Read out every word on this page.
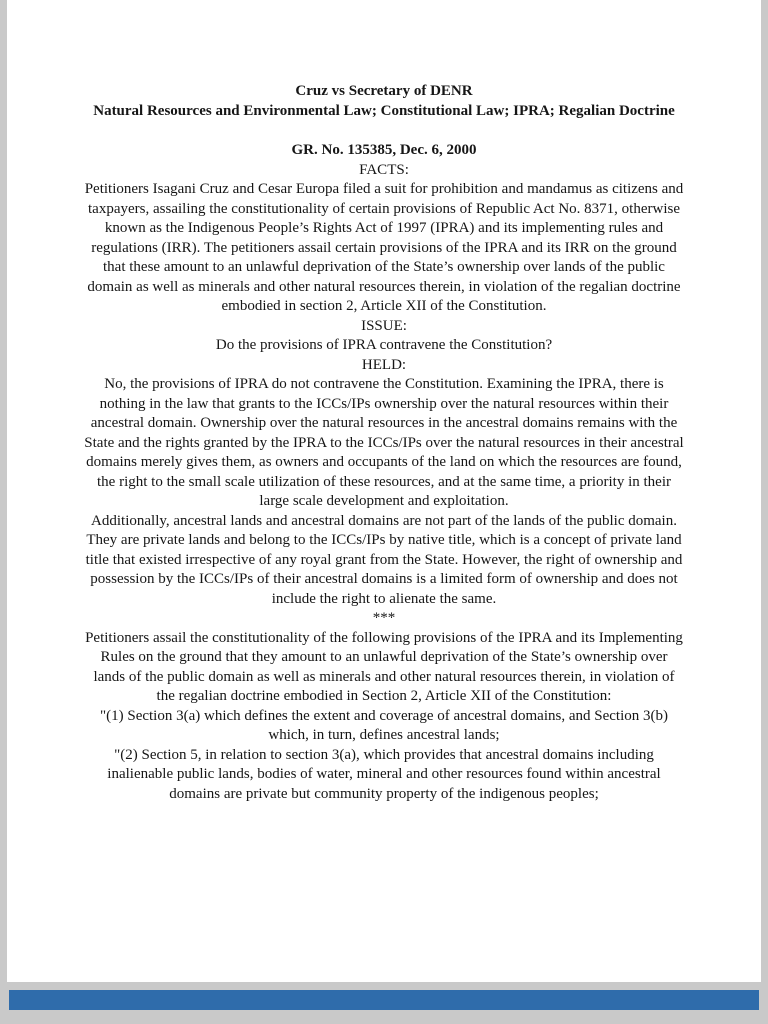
Cruz vs Secretary of DENR
Natural Resources and Environmental Law; Constitutional Law; IPRA; Regalian Doctrine
GR. No. 135385, Dec. 6, 2000

FACTS:

Petitioners Isagani Cruz and Cesar Europa filed a suit for prohibition and mandamus as citizens and taxpayers, assailing the constitutionality of certain provisions of Republic Act No. 8371, otherwise known as the Indigenous People’s Rights Act of 1997 (IPRA) and its implementing rules and regulations (IRR). The petitioners assail certain provisions of the IPRA and its IRR on the ground that these amount to an unlawful deprivation of the State’s ownership over lands of the public domain as well as minerals and other natural resources therein, in violation of the regalian doctrine embodied in section 2, Article XII of the Constitution.

ISSUE:

Do the provisions of IPRA contravene the Constitution?

HELD:

No, the provisions of IPRA do not contravene the Constitution. Examining the IPRA, there is nothing in the law that grants to the ICCs/IPs ownership over the natural resources within their ancestral domain. Ownership over the natural resources in the ancestral domains remains with the State and the rights granted by the IPRA to the ICCs/IPs over the natural resources in their ancestral domains merely gives them, as owners and occupants of the land on which the resources are found, the right to the small scale utilization of these resources, and at the same time, a priority in their large scale development and exploitation.

Additionally, ancestral lands and ancestral domains are not part of the lands of the public domain. They are private lands and belong to the ICCs/IPs by native title, which is a concept of private land title that existed irrespective of any royal grant from the State. However, the right of ownership and possession by the ICCs/IPs of their ancestral domains is a limited form of ownership and does not include the right to alienate the same.

***

Petitioners assail the constitutionality of the following provisions of the IPRA and its Implementing Rules on the ground that they amount to an unlawful deprivation of the State’s ownership over lands of the public domain as well as minerals and other natural resources therein, in violation of the regalian doctrine embodied in Section 2, Article XII of the Constitution:

"(1) Section 3(a) which defines the extent and coverage of ancestral domains, and Section 3(b) which, in turn, defines ancestral lands;

"(2) Section 5, in relation to section 3(a), which provides that ancestral domains including inalienable public lands, bodies of water, mineral and other resources found within ancestral domains are private but community property of the indigenous peoples;
